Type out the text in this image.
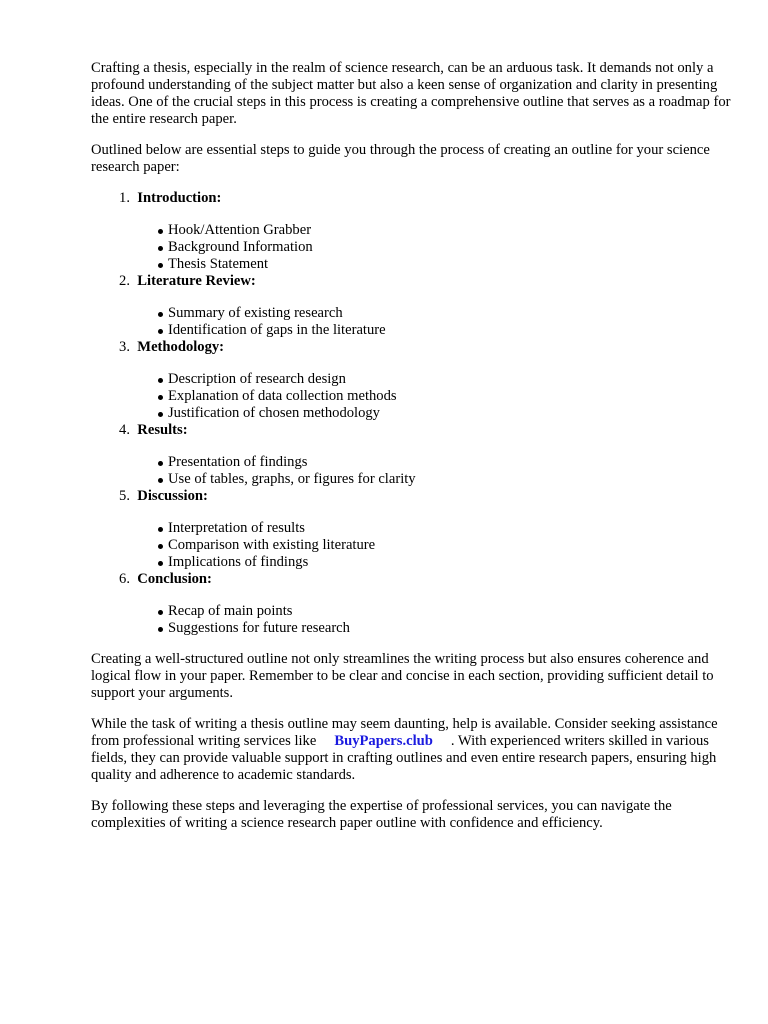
Crafting a thesis, especially in the realm of science research, can be an arduous task. It demands not only a profound understanding of the subject matter but also a keen sense of organization and clarity in presenting ideas. One of the crucial steps in this process is creating a comprehensive outline that serves as a roadmap for the entire research paper.

Outlined below are essential steps to guide you through the process of creating an outline for your science research paper:

1.
Introduction:
Hook/Attention Grabber
Background Information
Thesis Statement
2.
Literature Review:
Summary of existing research
Identification of gaps in the literature
3.
Methodology:
Description of research design
Explanation of data collection methods
Justification of chosen methodology
4.
Results:
Presentation of findings
Use of tables, graphs, or figures for clarity
5.
Discussion:
Interpretation of results
Comparison with existing literature
Implications of findings
6.
Conclusion:
Recap of main points
Suggestions for future research

Creating a well-structured outline not only streamlines the writing process but also ensures coherence and logical flow in your paper. Remember to be clear and concise in each section, providing sufficient detail to support your arguments.

While the task of writing a thesis outline may seem daunting, help is available. Consider seeking assistance from professional writing services like BuyPapers.club . With experienced writers skilled in various fields, they can provide valuable support in crafting outlines and even entire research papers, ensuring high quality and adherence to academic standards.

By following these steps and leveraging the expertise of professional services, you can navigate the complexities of writing a science research paper outline with confidence and efficiency.
